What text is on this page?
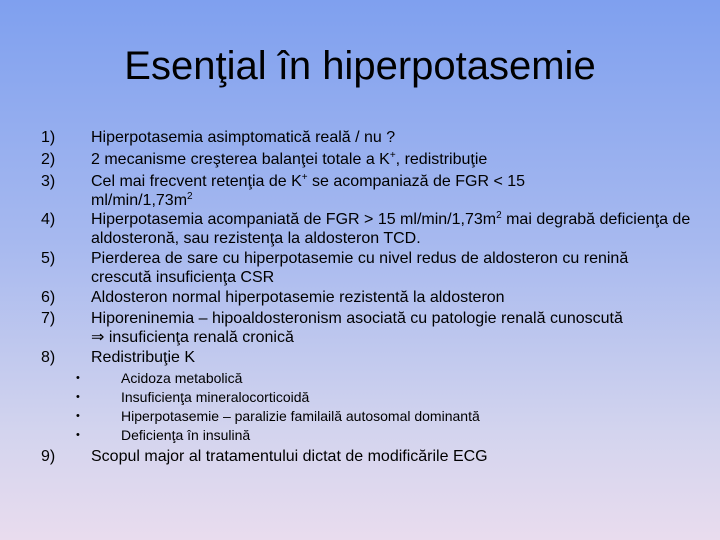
Esenţial în hiperpotasemie
1) Hiperpotasemia asimptomatică reală / nu ?
2) 2 mecanisme creşterea balanţei totale a K+, redistribuţie
3) Cel mai frecvent retenţia de K+ se acompaniază de FGR < 15 $ml/\min/1,73m^2$
4) Hiperpotasemia acompaniată de FGR > 15 $ml/\min/1,73m^2$ mai degrabă deficienţa de aldosteronă, sau rezistenţa la aldosteron TCD.
5) Pierderea de sare cu hiperpotasemie cu nivel redus de aldosteron cu renină crescută insuficienţa CSR
6) Aldosteron normal hiperpotasemie rezistentă la aldosteron
7) Hiporeninemia – hipoaldosteronism asociată cu patologie renală cunoscută ⇒ insuficienţa renală cronică
8) Redistribuţie K
•	Acidoza metabolică
•	Insuficienţa mineralocorticoidă
•	Hiperpotasemie – paralizie familailă autosomal dominantă
•	Deficienţa în insulină
9) Scopul major al tratamentului dictat de modificările ECG
